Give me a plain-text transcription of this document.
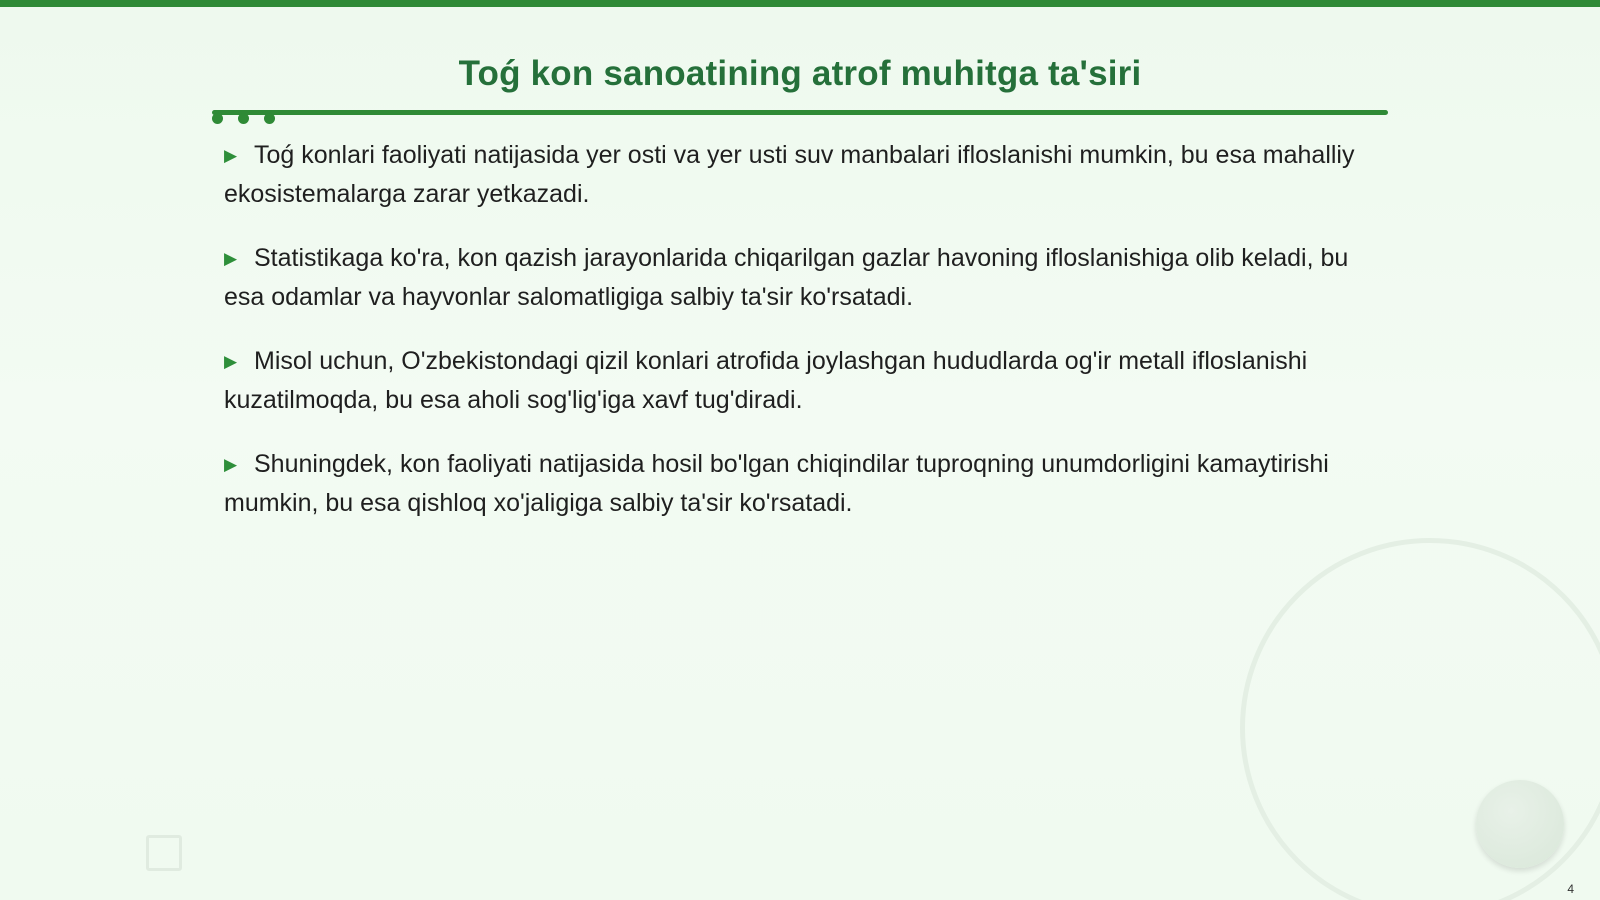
Toǵ kon sanoatining atrof muhitga ta'siri
▶ Toǵ konlari faoliyati natijasida yer osti va yer usti suv manbalari ifloslanishi mumkin, bu esa mahalliy ekosistemalarga zarar yetkazadi.
▶ Statistikaga ko'ra, kon qazish jarayonlarida chiqarilgan gazlar havoning ifloslanishiga olib keladi, bu esa odamlar va hayvonlar salomatligiga salbiy ta'sir ko'rsatadi.
▶ Misol uchun, O'zbekistondagi qizil konlari atrofida joylashgan hududlarda og'ir metall ifloslanishi kuzatilmoqda, bu esa aholi sog'lig'iga xavf tug'diradi.
▶ Shuningdek, kon faoliyati natijasida hosil bo'lgan chiqindilar tuproqning unumdorligini kamaytirishi mumkin, bu esa qishloq xo'jaligiga salbiy ta'sir ko'rsatadi.
4
